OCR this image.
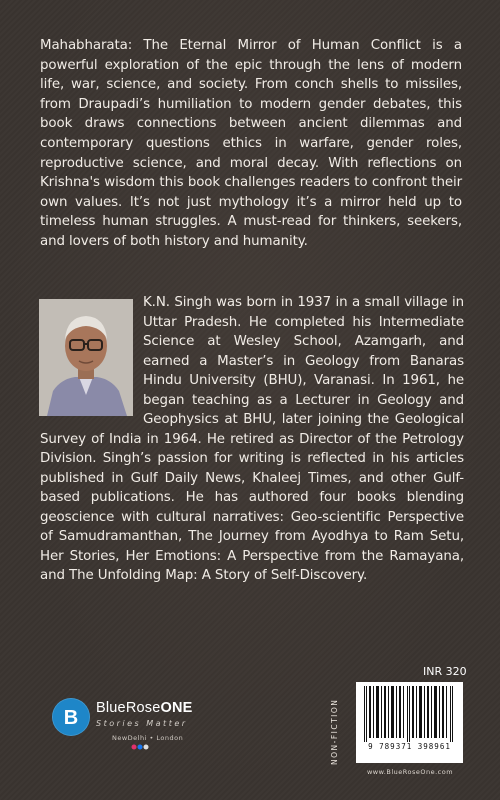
Mahabharata: The Eternal Mirror of Human Conflict is a powerful exploration of the epic through the lens of modern life, war, science, and society. From conch shells to missiles, from Draupadi’s humiliation to modern gender debates, this book draws connections between ancient dilemmas and contemporary questions ethics in warfare, gender roles, reproductive science, and moral decay. With reflections on Krishna's wisdom this book challenges readers to confront their own values. It’s not just mythology it’s a mirror held up to timeless human struggles. A must-read for thinkers, seekers, and lovers of both history and humanity.

K.N. Singh was born in 1937 in a small village in Uttar Pradesh. He completed his Intermediate Science at Wesley School, Azamgarh, and earned a Master’s in Geology from Banaras Hindu University (BHU), Varanasi. In 1961, he began teaching as a Lecturer in Geology and Geophysics at BHU, later joining the Geological Survey of India in 1964. He retired as Director of the Petrology Division. Singh’s passion for writing is reflected in his articles published in Gulf Daily News, Khaleej Times, and other Gulf-based publications. He has authored four books blending geoscience with cultural narratives: Geo-scientific Perspective of Samudramanthan, The Journey from Ayodhya to Ram Setu, Her Stories, Her Emotions: A Perspective from the Ramayana, and The Unfolding Map: A Story of Self-Discovery.

INR 320
NON-FICTION	9 789371 398961
www.BlueRoseOne.com
B BlueRoseONE
Stories Matter
NewDelhi • London
